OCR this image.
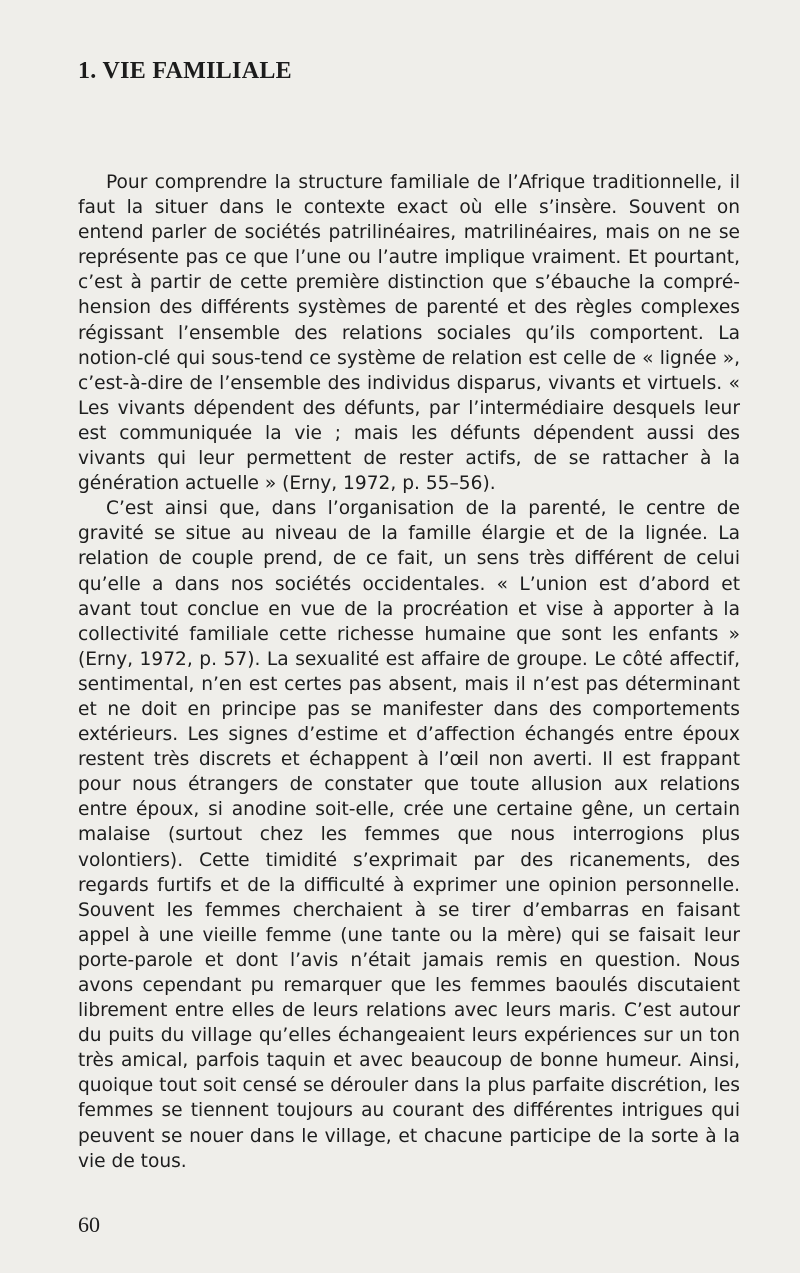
1. VIE FAMILIALE

Pour comprendre la structure familiale de l’Afrique traditionnelle, il faut la situer dans le contexte exact où elle s’insère. Souvent on entend parler de sociétés patrilinéaires, matrilinéaires, mais on ne se représente pas ce que l’une ou l’autre implique vraiment. Et pourtant, c’est à partir de cette première distinction que s’ébauche la compréhension des différents systèmes de parenté et des règles complexes régissant l’ensemble des relations sociales qu’ils comportent. La notion-clé qui sous-tend ce système de relation est celle de « lignée », c’est-à-dire de l’ensemble des individus disparus, vivants et virtuels. « Les vivants dépendent des défunts, par l’intermédiaire desquels leur est communiquée la vie ; mais les défunts dépendent aussi des vivants qui leur permettent de rester actifs, de se rattacher à la génération actuelle » (Erny, 1972, p. 55–56).

C’est ainsi que, dans l’organisation de la parenté, le centre de gravité se situe au niveau de la famille élargie et de la lignée. La relation de couple prend, de ce fait, un sens très différent de celui qu’elle a dans nos sociétés occidentales. « L’union est d’abord et avant tout conclue en vue de la procréation et vise à apporter à la collectivité familiale cette richesse humaine que sont les enfants » (Erny, 1972, p. 57). La sexualité est affaire de groupe. Le côté affectif, sentimental, n’en est certes pas absent, mais il n’est pas déterminant et ne doit en principe pas se manifester dans des comportements extérieurs. Les signes d’estime et d’affection échangés entre époux restent très discrets et échappent à l’œil non averti. Il est frappant pour nous étrangers de constater que toute allusion aux relations entre époux, si anodine soit-elle, crée une certaine gêne, un certain malaise (surtout chez les femmes que nous interrogions plus volontiers). Cette timidité s’exprimait par des ricanements, des regards furtifs et de la difficulté à exprimer une opinion personnelle. Souvent les femmes cherchaient à se tirer d’embarras en faisant appel à une vieille femme (une tante ou la mère) qui se faisait leur porte-parole et dont l’avis n’était jamais remis en question. Nous avons cependant pu remarquer que les femmes baoulés discutaient librement entre elles de leurs relations avec leurs maris. C’est autour du puits du village qu’elles échangeaient leurs expériences sur un ton très amical, parfois taquin et avec beaucoup de bonne humeur. Ainsi, quoique tout soit censé se dérouler dans la plus parfaite discrétion, les femmes se tiennent toujours au courant des différentes intrigues qui peuvent se nouer dans le village, et chacune participe de la sorte à la vie de tous.

60
